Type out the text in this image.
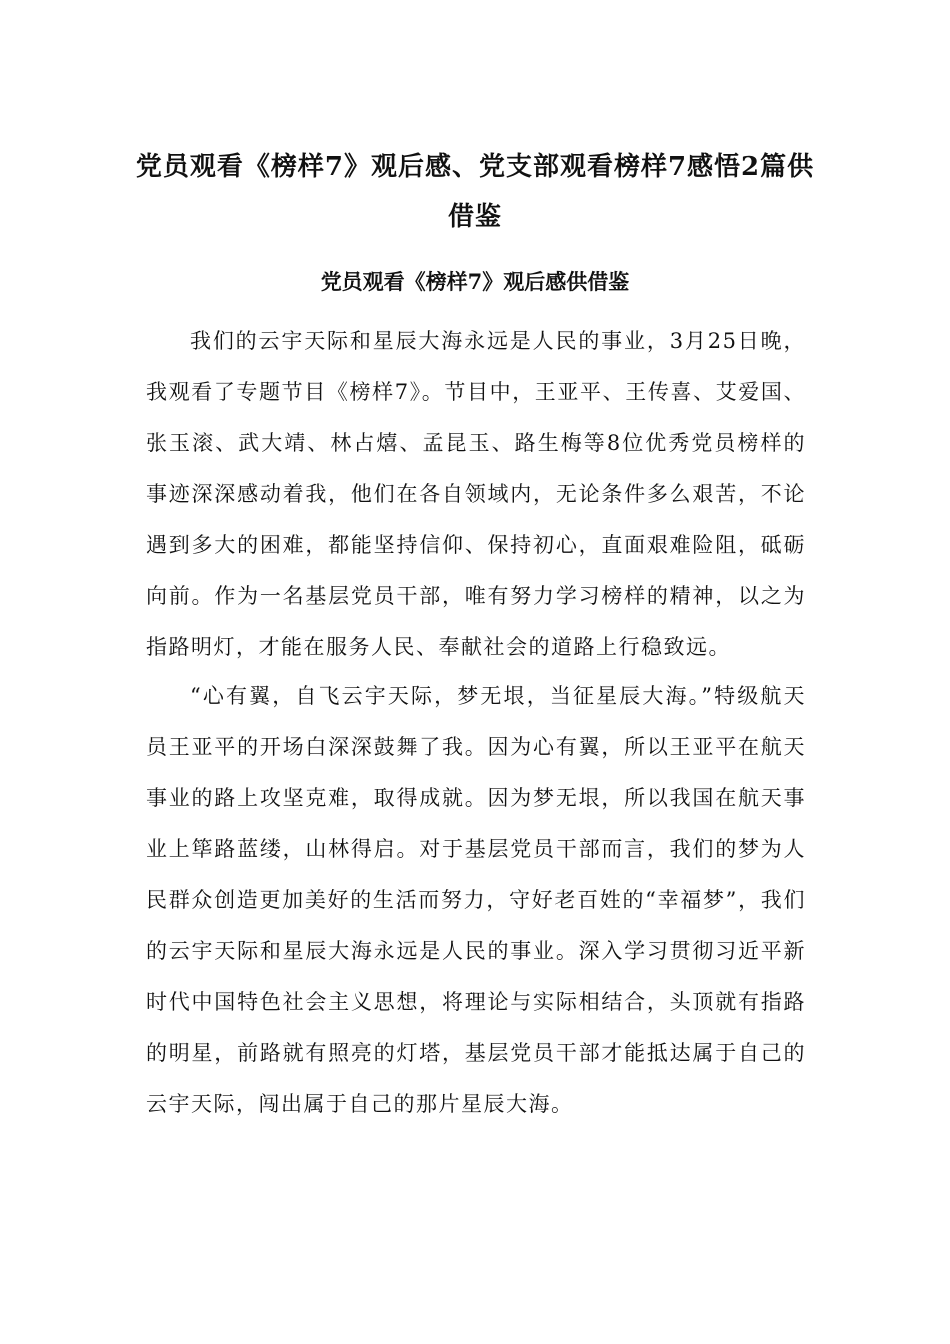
党员观看《榜样7》观后感、党支部观看榜样7感悟2篇供借鉴
党员观看《榜样7》观后感供借鉴

我们的云宇天际和星辰大海永远是人民的事业，3月25日晚，我观看了专题节目《榜样7》。节目中，王亚平、王传喜、艾爱国、张玉滚、武大靖、林占熺、孟昆玉、路生梅等8位优秀党员榜样的事迹深深感动着我，他们在各自领域内，无论条件多么艰苦，不论遇到多大的困难，都能坚持信仰、保持初心，直面艰难险阻，砥砺向前。作为一名基层党员干部，唯有努力学习榜样的精神，以之为指路明灯，才能在服务人民、奉献社会的道路上行稳致远。

“心有翼，自飞云宇天际，梦无垠，当征星辰大海。”特级航天员王亚平的开场白深深鼓舞了我。因为心有翼，所以王亚平在航天事业的路上攻坚克难，取得成就。因为梦无垠，所以我国在航天事业上筚路蓝缕，山林得启。对于基层党员干部而言，我们的梦为人民群众创造更加美好的生活而努力，守好老百姓的“幸福梦”，我们的云宇天际和星辰大海永远是人民的事业。深入学习贯彻习近平新时代中国特色社会主义思想，将理论与实际相结合，头顶就有指路的明星，前路就有照亮的灯塔，基层党员干部才能抵达属于自己的云宇天际，闯出属于自己的那片星辰大海。
